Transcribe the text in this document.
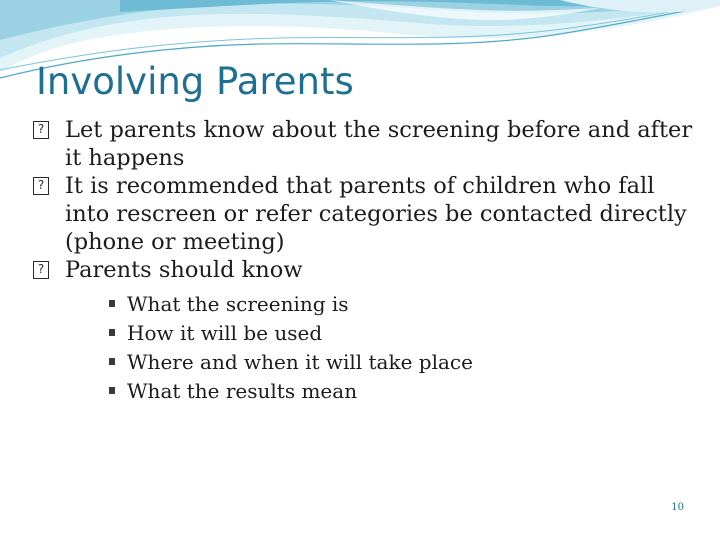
Involving Parents
? Let parents know about the screening before and after it happens
? It is recommended that parents of children who fall into rescreen or refer categories be contacted directly (phone or meeting)
? Parents should know
What the screening is
How it will be used
Where and when it will take place
What the results mean
10
